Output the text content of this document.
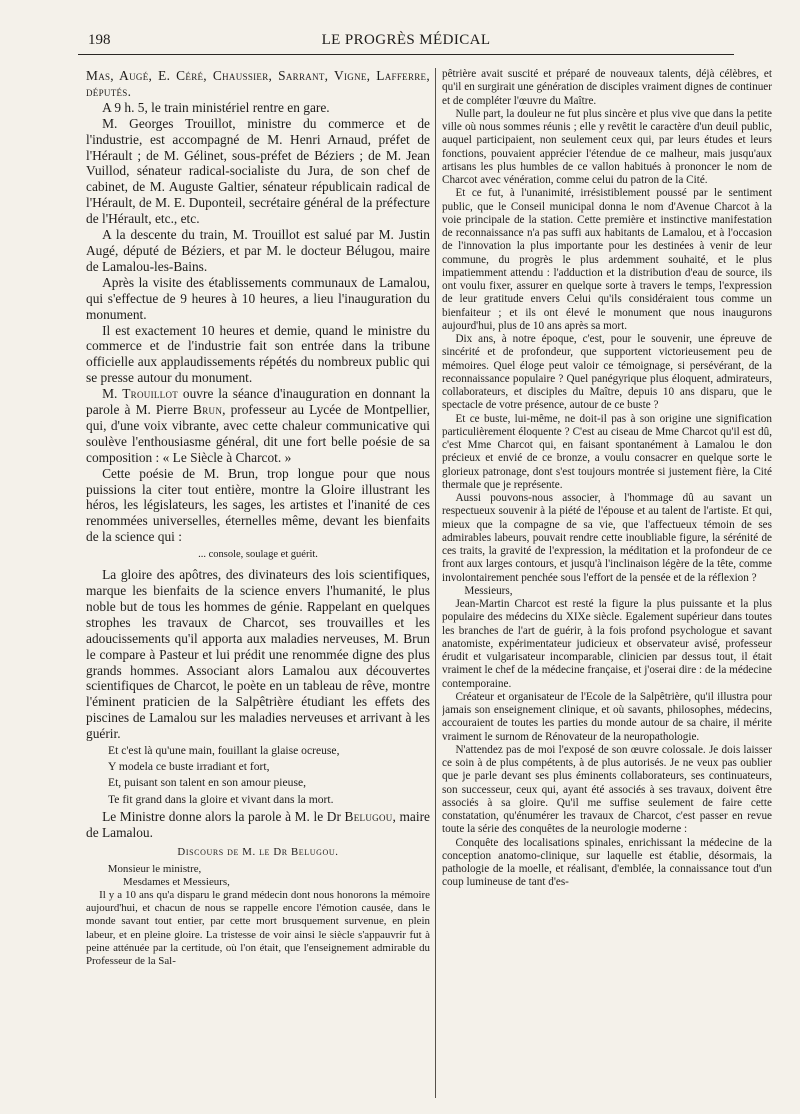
198	LE PROGRÈS MÉDICAL

Mas, Augé, E. Céré, Chaussier, Sarrant, Vigne, Lafferre, députés.

A 9 h. 5, le train ministériel rentre en gare.

M. Georges Trouillot, ministre du commerce et de l'industrie, est accompagné de M. Henri Arnaud, préfet de l'Hérault ; de M. Gélinet, sous-préfet de Béziers ; de M. Jean Vuillod, sénateur radical-socialiste du Jura, de son chef de cabinet, de M. Auguste Galtier, sénateur républicain radical de l'Hérault, de M. E. Duponteil, secrétaire général de la préfecture de l'Hérault, etc., etc.

A la descente du train, M. Trouillot est salué par M. Justin Augé, député de Béziers, et par M. le docteur Bélugou, maire de Lamalou-les-Bains.

Après la visite des établissements communaux de Lamalou, qui s'effectue de 9 heures à 10 heures, a lieu l'inauguration du monument.

Il est exactement 10 heures et demie, quand le ministre du commerce et de l'industrie fait son entrée dans la tribune officielle aux applaudissements répétés du nombreux public qui se presse autour du monument.

M. Trouillot ouvre la séance d'inauguration en donnant la parole à M. Pierre Brun, professeur au Lycée de Montpellier, qui, d'une voix vibrante, avec cette chaleur communicative qui soulève l'enthousiasme général, dit une fort belle poésie de sa composition : « Le Siècle à Charcot. »

Cette poésie de M. Brun, trop longue pour que nous puissions la citer tout entière, montre la Gloire illustrant les héros, les législateurs, les sages, les artistes et l'inanité de ces renommées universelles, éternelles même, devant les bienfaits de la science qui :

... console, soulage et guérit.

La gloire des apôtres, des divinateurs des lois scientifiques, marque les bienfaits de la science envers l'humanité, le plus noble but de tous les hommes de génie. Rappelant en quelques strophes les travaux de Charcot, ses trouvailles et les adoucissements qu'il apporta aux maladies nerveuses, M. Brun le compare à Pasteur et lui prédit une renommée digne des plus grands hommes. Associant alors Lamalou aux découvertes scientifiques de Charcot, le poète en un tableau de rêve, montre l'éminent praticien de la Salpêtrière étudiant les effets des piscines de Lamalou sur les maladies nerveuses et arrivant à les guérir.

Et c'est là qu'une main, fouillant la glaise ocreuse,

Y modela ce buste irradiant et fort,

Et, puisant son talent en son amour pieuse,

Te fit grand dans la gloire et vivant dans la mort.

Le Ministre donne alors la parole à M. le Dr Belugou, maire de Lamalou.

Discours de M. le Dr Belugou.

Monsieur le ministre,

Mesdames et Messieurs,

Il y a 10 ans qu'a disparu le grand médecin dont nous honorons la mémoire aujourd'hui, et chacun de nous se rappelle encore l'émotion causée, dans le monde savant tout entier, par cette mort brusquement survenue, en plein labeur, et en pleine gloire. La tristesse de voir ainsi le siècle s'appauvrir fut à peine atténuée par la certitude, où l'on était, que l'enseignement admirable du Professeur de la Sal-

pêtrière avait suscité et préparé de nouveaux talents, déjà célèbres, et qu'il en surgirait une génération de disciples vraiment dignes de continuer et de compléter l'œuvre du Maître.

Nulle part, la douleur ne fut plus sincère et plus vive que dans la petite ville où nous sommes réunis ; elle y revêtit le caractère d'un deuil public, auquel participaient, non seulement ceux qui, par leurs études et leurs fonctions, pouvaient apprécier l'étendue de ce malheur, mais jusqu'aux artisans les plus humbles de ce vallon habitués à prononcer le nom de Charcot avec vénération, comme celui du patron de la Cité.

Et ce fut, à l'unanimité, irrésistiblement poussé par le sentiment public, que le Conseil municipal donna le nom d'Avenue Charcot à la voie principale de la station. Cette première et instinctive manifestation de reconnaissance n'a pas suffi aux habitants de Lamalou, et à l'occasion de l'innovation la plus importante pour les destinées à venir de leur commune, du progrès le plus ardemment souhaité, et le plus impatiemment attendu : l'adduction et la distribution d'eau de source, ils ont voulu fixer, assurer en quelque sorte à travers le temps, l'expression de leur gratitude envers Celui qu'ils considéraient tous comme un bienfaiteur ; et ils ont élevé le monument que nous inaugurons aujourd'hui, plus de 10 ans après sa mort.

Dix ans, à notre époque, c'est, pour le souvenir, une épreuve de sincérité et de profondeur, que supportent victorieusement peu de mémoires. Quel éloge peut valoir ce témoignage, si persévérant, de la reconnaissance populaire ? Quel panégyrique plus éloquent, admirateurs, collaborateurs, et disciples du Maître, depuis 10 ans disparu, que le spectacle de votre présence, autour de ce buste ?

Et ce buste, lui-même, ne doit-il pas à son origine une signification particulièrement éloquente ? C'est au ciseau de Mme Charcot qu'il est dû, c'est Mme Charcot qui, en faisant spontanément à Lamalou le don précieux et envié de ce bronze, a voulu consacrer en quelque sorte le glorieux patronage, dont s'est toujours montrée si justement fière, la Cité thermale que je représente.

Aussi pouvons-nous associer, à l'hommage dû au savant un respectueux souvenir à la piété de l'épouse et au talent de l'artiste. Et qui, mieux que la compagne de sa vie, que l'affectueux témoin de ses admirables labeurs, pouvait rendre cette inoubliable figure, la sérénité de ces traits, la gravité de l'expression, la méditation et la profondeur de ce front aux larges contours, et jusqu'à l'inclinaison légère de la tête, comme involontairement penchée sous l'effort de la pensée et de la réflexion ?

Messieurs,

Jean-Martin Charcot est resté la figure la plus puissante et la plus populaire des médecins du XIXe siècle. Egalement supérieur dans toutes les branches de l'art de guérir, à la fois profond psychologue et savant anatomiste, expérimentateur judicieux et observateur avisé, professeur érudit et vulgarisateur incomparable, clinicien par dessus tout, il était vraiment le chef de la médecine française, et j'oserai dire : de la médecine contemporaine.

Créateur et organisateur de l'Ecole de la Salpêtrière, qu'il illustra pour jamais son enseignement clinique, et où savants, philosophes, médecins, accouraient de toutes les parties du monde autour de sa chaire, il mérite vraiment le surnom de Rénovateur de la neuropathologie.

N'attendez pas de moi l'exposé de son œuvre colossale. Je dois laisser ce soin à de plus compétents, à de plus autorisés. Je ne veux pas oublier que je parle devant ses plus éminents collaborateurs, ses continuateurs, son successeur, ceux qui, ayant été associés à ses travaux, doivent être associés à sa gloire. Qu'il me suffise seulement de faire cette constatation, qu'énumérer les travaux de Charcot, c'est passer en revue toute la série des conquêtes de la neurologie moderne :

Conquête des localisations spinales, enrichissant la médecine de la conception anatomo-clinique, sur laquelle est établie, désormais, la pathologie de la moelle, et réalisant, d'emblée, la connaissance tout d'un coup lumineuse de tant d'es-
